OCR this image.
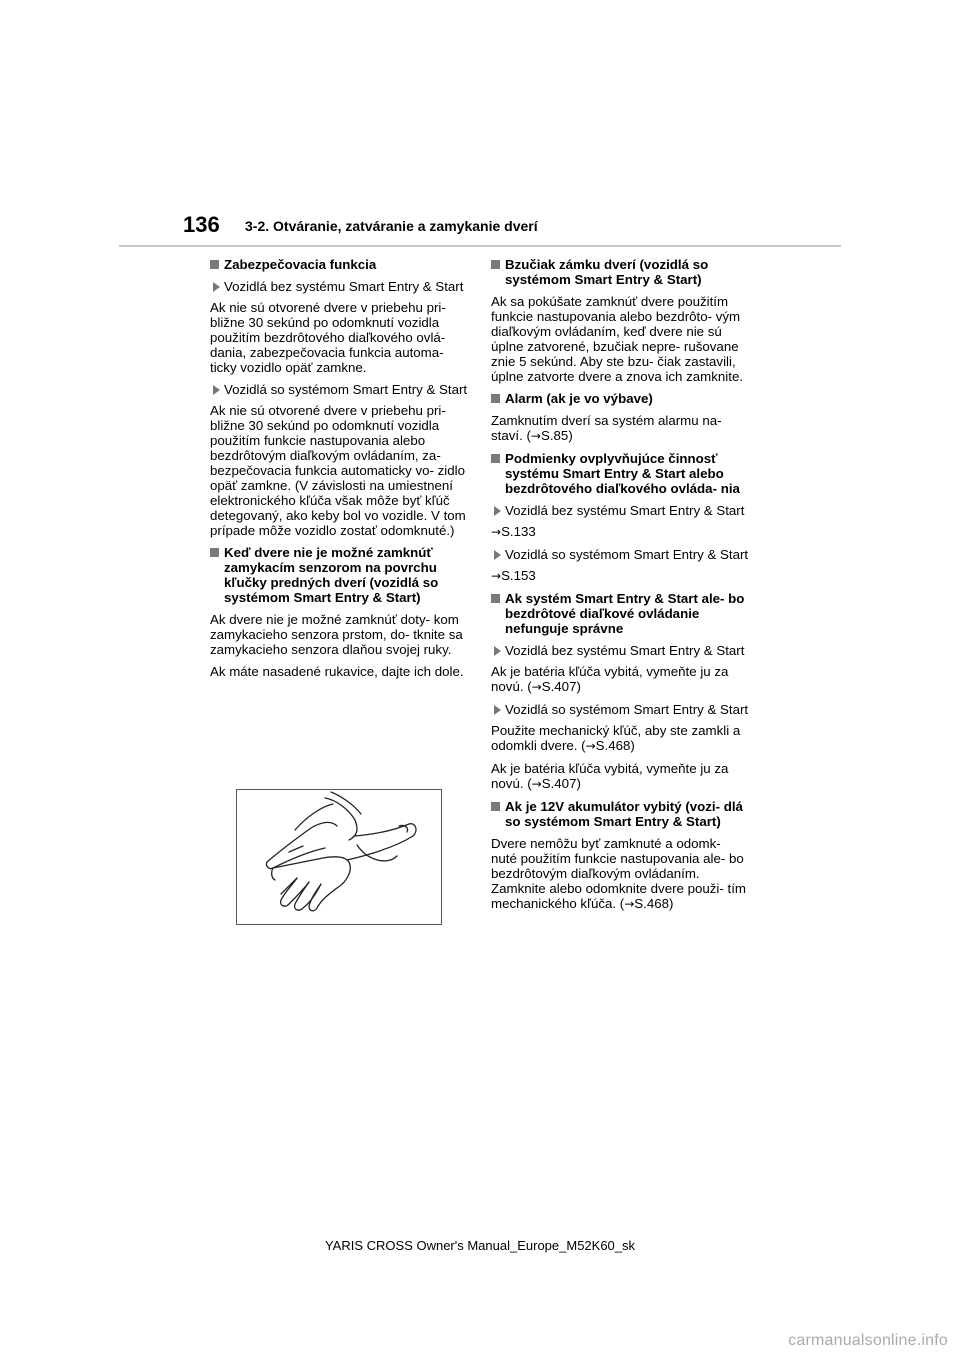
136 3-2. Otváranie, zatváranie a zamykanie dverí
Zabezpečovacia funkcia
Vozidlá bez systému Smart Entry & Start

Ak nie sú otvorené dvere v priebehu pri- bližne 30 sekúnd po odomknutí vozidla použitím bezdrôtového diaľkového ovlá- dania, zabezpečovacia funkcia automa- ticky vozidlo opäť zamkne.

Vozidlá so systémom Smart Entry & Start

Ak nie sú otvorené dvere v priebehu pri- bližne 30 sekúnd po odomknutí vozidla použitím funkcie nastupovania alebo bezdrôtovým diaľkovým ovládaním, za- bezpečovacia funkcia automaticky vo- zidlo opäť zamkne. (V závislosti na umiestnení elektronického kľúča však môže byť kľúč detegovaný, ako keby bol vo vozidle. V tom prípade môže vozidlo zostať odomknuté.)

Keď dvere nie je možné zamknúť zamykacím senzorom na povrchu kľučky predných dverí (vozidlá so systémom Smart Entry & Start)

Ak dvere nie je možné zamknúť doty- kom zamykacieho senzora prstom, do- tknite sa zamykacieho senzora dlaňou svojej ruky.

Ak máte nasadené rukavice, dajte ich dole.

Bzučiak zámku dverí (vozidlá so systémom Smart Entry & Start)

Ak sa pokúšate zamknúť dvere použitím funkcie nastupovania alebo bezdrôto- vým diaľkovým ovládaním, keď dvere nie sú úplne zatvorené, bzučiak nepre- rušovane znie 5 sekúnd. Aby ste bzu- čiak zastavili, úplne zatvorte dvere a znova ich zamknite.

Alarm (ak je vo výbave)

Zamknutím dverí sa systém alarmu na- staví. (→S.85)

Podmienky ovplyvňujúce činnosť systému Smart Entry & Start alebo bezdrôtového diaľkového ovláda- nia
Vozidlá bez systému Smart Entry & Start

→S.133

Vozidlá so systémom Smart Entry & Start

→S.153

Ak systém Smart Entry & Start ale- bo bezdrôtové diaľkové ovládanie nefunguje správne
Vozidlá bez systému Smart Entry & Start

Ak je batéria kľúča vybitá, vymeňte ju za novú. (→S.407)

Vozidlá so systémom Smart Entry & Start

Použite mechanický kľúč, aby ste zamkli a odomkli dvere. (→S.468)

Ak je batéria kľúča vybitá, vymeňte ju za novú. (→S.407)

Ak je 12V akumulátor vybitý (vozi- dlá so systémom Smart Entry & Start)

Dvere nemôžu byť zamknuté a odomk- nuté použitím funkcie nastupovania ale- bo bezdrôtovým diaľkovým ovládaním. Zamknite alebo odomknite dvere použi- tím mechanického kľúča. (→S.468)

YARIS CROSS Owner's Manual_Europe_M52K60_sk
carmanualsonline.info
